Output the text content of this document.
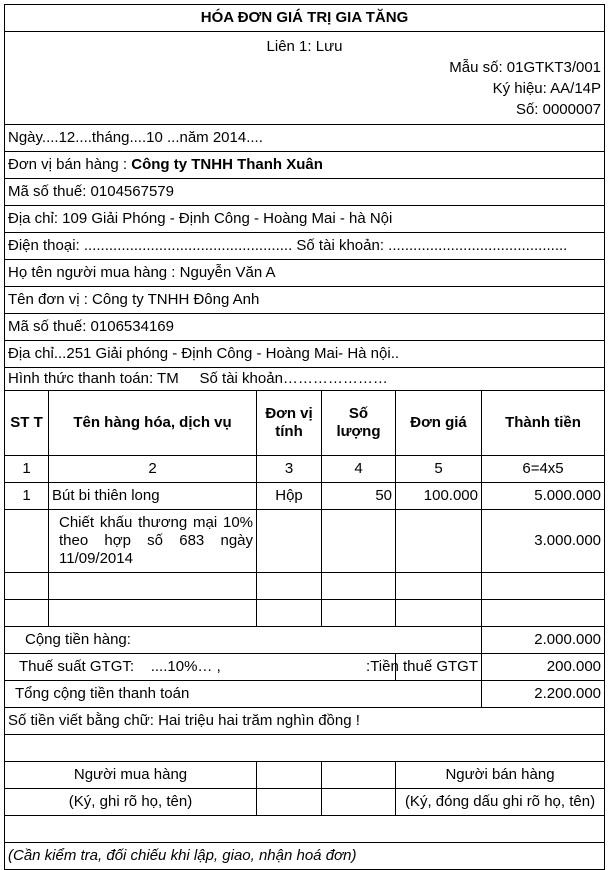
HÓA ĐƠN GIÁ TRỊ GIA TĂNG					

Liên 1: Lưu
Mẫu số: 01GTKT3/001
Ký hiệu: AA/14P
Số: 0000007					

Ngày....12....tháng....10 ...năm 2014....					
Đơn vị bán hàng : Công ty TNHH Thanh Xuân					
Mã số thuế: 0104567579					
Địa chỉ: 109 Giải Phóng - Định Công - Hoàng Mai - hà Nội					
Điện thoại: .................................................. Số tài khoản: ...........................................					
Họ tên người mua hàng : Nguyễn Văn A					
Tên đơn vị : Công ty TNHH Đông Anh					
Mã số thuế: 0106534169					
Địa chỉ...251 Giải phóng - Định Công - Hoàng Mai- Hà nội..					
Hình thức thanh toán: TM     Số tài khoản…………………					
ST T	Tên hàng hóa, dịch vụ	Đơn vị tính	Số lượng	Đơn giá	Thành tiền
1	2	3	4	5	6=4x5
1	Bút bi thiên long	Hộp	50	100.000	5.000.000
	Chiết khấu thương mại 10% theo hợp số 683 ngày 11/09/2014				3.000.000

Cộng tiền hàng:					2.000.000
Thuế suất GTGT:    ....10%… ,				Tiền thuế GTGT:	200.000
Tổng cộng tiền thanh toán					2.200.000
Số tiền viết bằng chữ: Hai triệu hai trăm nghìn đồng !					

Người mua hàng				Người bán hàng	
(Ký, ghi rõ họ, tên)				(Ký, đóng dấu ghi rõ họ, tên)	

(Cần kiểm tra, đối chiếu khi lập, giao, nhận hoá đơn)					
